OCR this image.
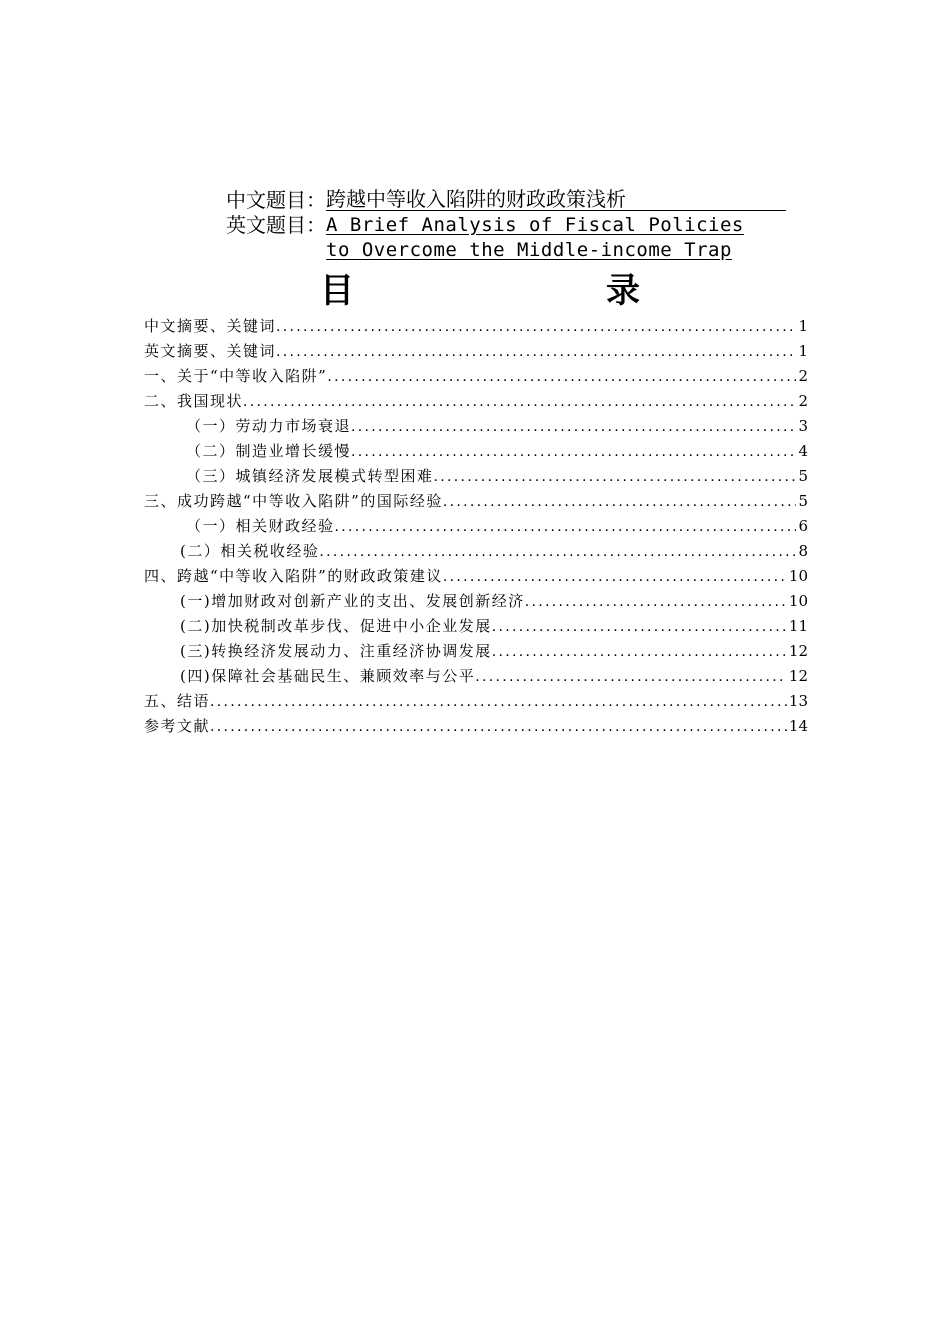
中文题目： 跨越中等收入陷阱的财政政策浅析
英文题目： A Brief Analysis of Fiscal Policies
to Overcome the Middle-income Trap
目	录
中文摘要、关键词 .....	1
英文摘要、关键词 .....	1
一、关于“中等收入陷阱” .....	2
二、我国现状 .....	2
（一）劳动力市场衰退 .....	3
（二）制造业增长缓慢 .....	4
（三）城镇经济发展模式转型困难 .....	5
三、成功跨越“中等收入陷阱”的国际经验 .....	5
（一）相关财政经验 .....	6
(二）相关税收经验 .....	8
四、跨越“中等收入陷阱”的财政政策建议 .....	10
(一)增加财政对创新产业的支出、发展创新经济 .....	10
(二)加快税制改革步伐、促进中小企业发展 .....	11
(三)转换经济发展动力、注重经济协调发展 .....	12
(四)保障社会基础民生、兼顾效率与公平 .....	12
五、结语 .....	13
参考文献 .....	14
